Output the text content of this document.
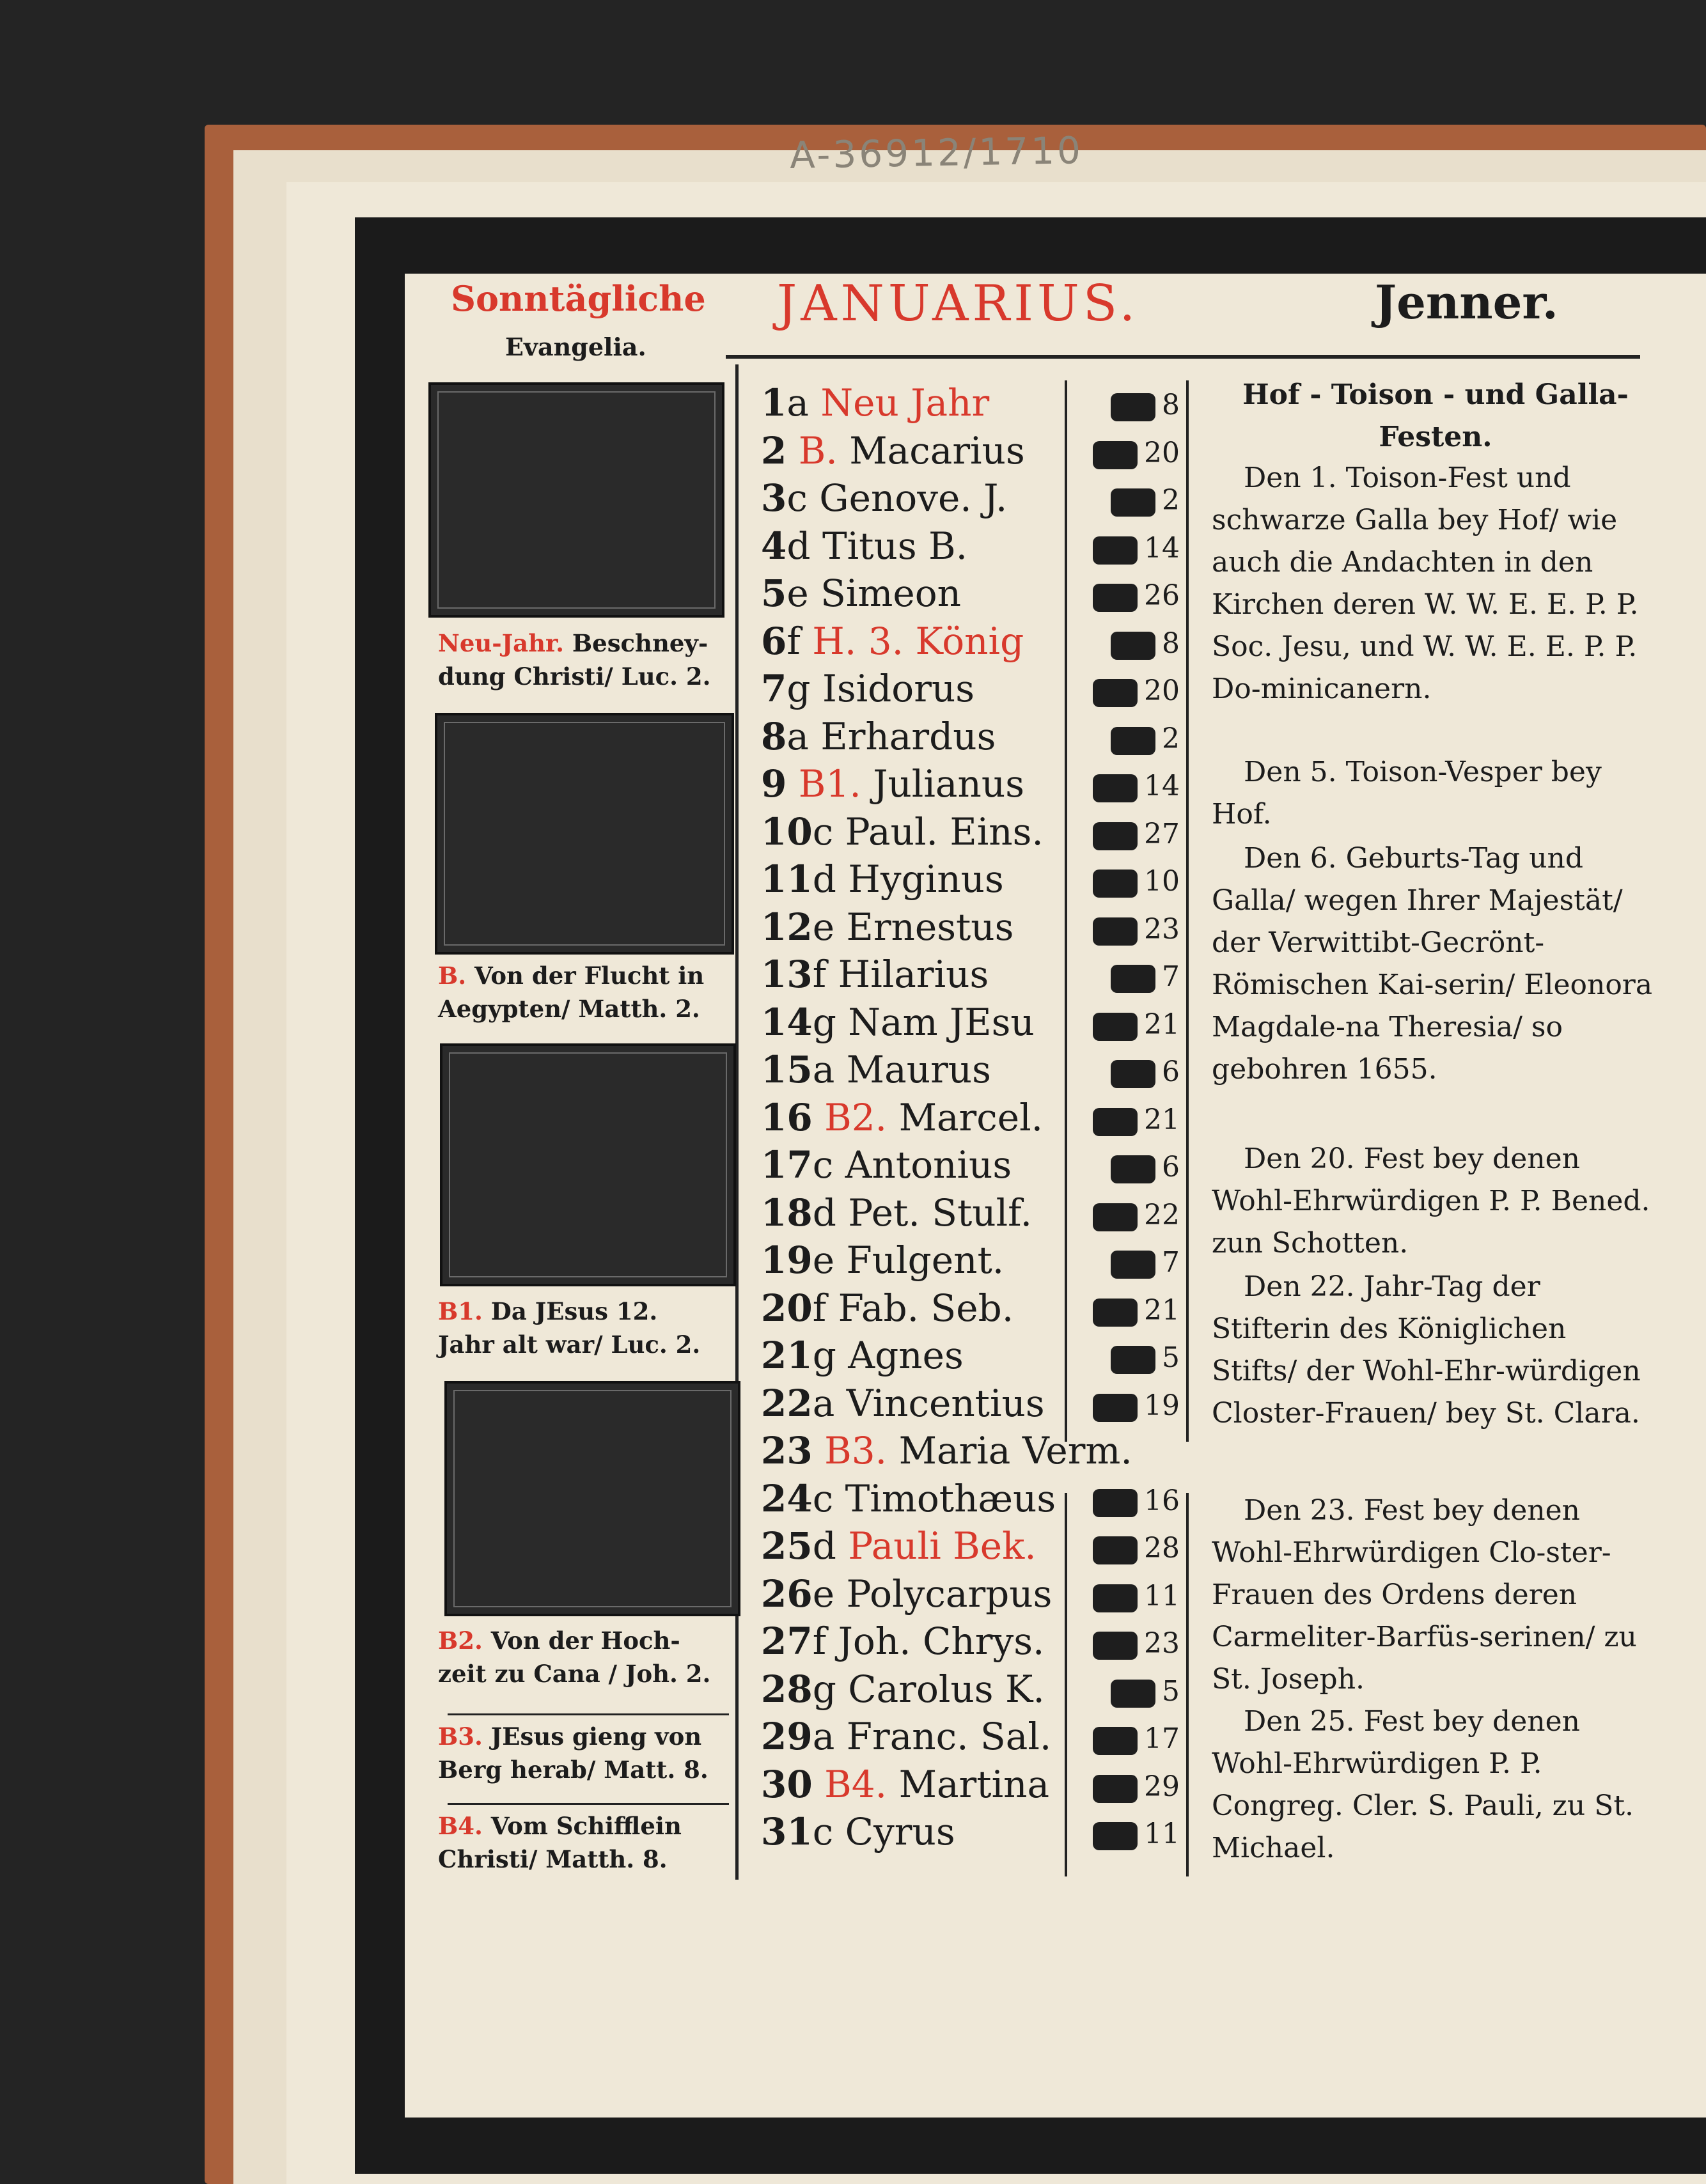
A-36912/1710
Sonntägliche
Evangelia.
JANUARIUS.	Jenner.
Neu-Jahr. Beschney-dung Christi/ Luc. 2.
B. Von der Flucht in Aegypten/ Matth. 2.
B1. Da JEsus 12. Jahr alt war/ Luc. 2.
B2. Von der Hoch-zeit zu Cana / Joh. 2.
B3. JEsus gieng von Berg herab/ Matt. 8.
B4. Vom Schifflein Christi/ Matth. 8.
1a Neu Jahr
2 B. Macarius
3c Genove. J.
4d Titus B.
5e Simeon
6f H. 3. König
7g Isidorus
8a Erhardus
9 B1. Julianus
10c Paul. Eins.
11d Hyginus
12e Ernestus
13f Hilarius
14g Nam JEsu
15a Maurus
16 B2. Marcel.
17c Antonius
18d Pet. Stulf.
19e Fulgent.
20f Fab. Seb.
21g Agnes
22a Vincentius
23 B3. Maria Verm.
24c Timothæus
25d Pauli Bek.
26e Polycarpus
27f Joh. Chrys.
28g Carolus K.
29a Franc. Sal.
30 B4. Martina
31c Cyrus
8
20
2
14
26
8
20
2
14
27
10
23
7
21
6
21
6
22
7
21
5
19
16
28
11
23
5
17
29
11
Hof - Toison - und Galla-Festen.
Den 1. Toison-Fest und schwarze Galla bey Hof/ wie auch die Andachten in den Kirchen deren W. W. E. E. P. P. Soc. Jesu, und W. W. E. E. P. P. Do-minicanern.
Den 5. Toison-Vesper bey Hof.
Den 6. Geburts-Tag und Galla/ wegen Ihrer Majestät/ der Verwittibt-Gecrönt-Römischen Kai-serin/ Eleonora Magdale-na Theresia/ so gebohren 1655.
Den 20. Fest bey denen Wohl-Ehrwürdigen P. P. Bened. zun Schotten.
Den 22. Jahr-Tag der Stifterin des Königlichen Stifts/ der Wohl-Ehr-würdigen Closter-Frauen/ bey St. Clara.
Den 23. Fest bey denen Wohl-Ehrwürdigen Clo-ster-Frauen des Ordens deren Carmeliter-Barfüs-serinen/ zu St. Joseph.
Den 25. Fest bey denen Wohl-Ehrwürdigen P. P. Congreg. Cler. S. Pauli, zu St. Michael.
